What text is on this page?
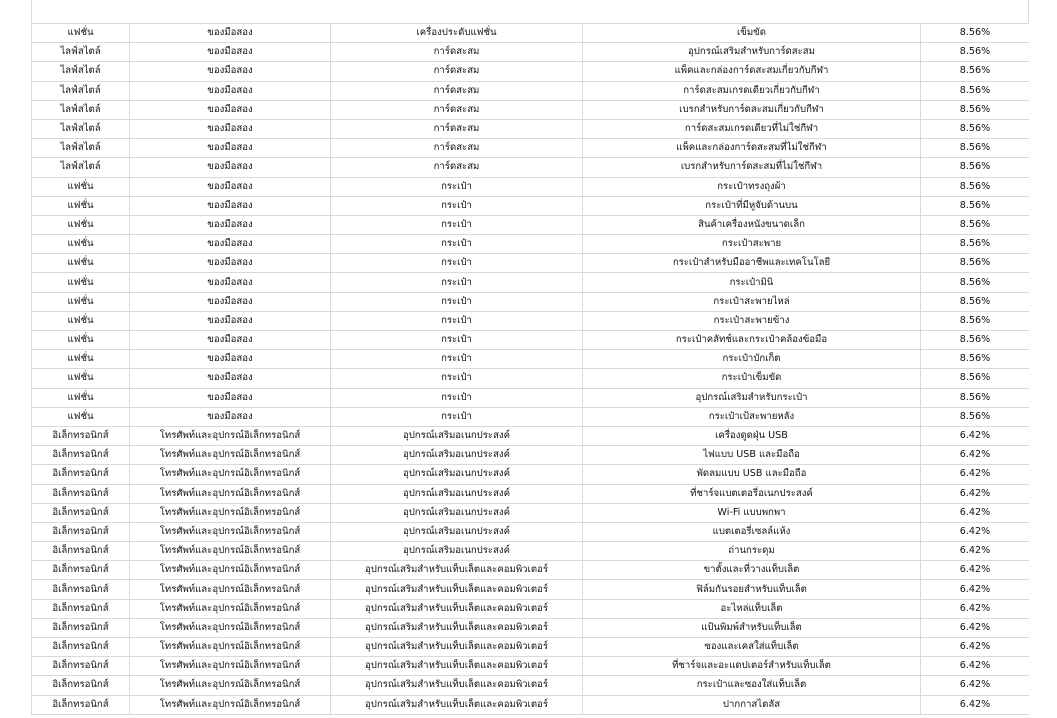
แฟชั่น	ของมือสอง	เครื่องประดับแฟชั่น	เข็มขัด	8.56%
ไลฟ์สไตล์	ของมือสอง	การ์ดสะสม	อุปกรณ์เสริมสำหรับการ์ดสะสม	8.56%
ไลฟ์สไตล์	ของมือสอง	การ์ดสะสม	แพ็คและกล่องการ์ดสะสมเกี่ยวกับกีฬา	8.56%
ไลฟ์สไตล์	ของมือสอง	การ์ดสะสม	การ์ดสะสมเกรดเดียวเกี่ยวกับกีฬา	8.56%
ไลฟ์สไตล์	ของมือสอง	การ์ดสะสม	เบรกสำหรับการ์ดสะสมเกี่ยวกับกีฬา	8.56%
ไลฟ์สไตล์	ของมือสอง	การ์ดสะสม	การ์ดสะสมเกรดเดียวที่ไม่ใช่กีฬา	8.56%
ไลฟ์สไตล์	ของมือสอง	การ์ดสะสม	แพ็คและกล่องการ์ดสะสมที่ไม่ใช่กีฬา	8.56%
ไลฟ์สไตล์	ของมือสอง	การ์ดสะสม	เบรกสำหรับการ์ดสะสมที่ไม่ใช่กีฬา	8.56%
แฟชั่น	ของมือสอง	กระเป๋า	กระเป๋าทรงถุงผ้า	8.56%
แฟชั่น	ของมือสอง	กระเป๋า	กระเป๋าที่มีหูจับด้านบน	8.56%
แฟชั่น	ของมือสอง	กระเป๋า	สินค้าเครื่องหนังขนาดเล็ก	8.56%
แฟชั่น	ของมือสอง	กระเป๋า	กระเป๋าสะพาย	8.56%
แฟชั่น	ของมือสอง	กระเป๋า	กระเป๋าสำหรับมืออาชีพและเทคโนโลยี	8.56%
แฟชั่น	ของมือสอง	กระเป๋า	กระเป๋ามินิ	8.56%
แฟชั่น	ของมือสอง	กระเป๋า	กระเป๋าสะพายไหล่	8.56%
แฟชั่น	ของมือสอง	กระเป๋า	กระเป๋าสะพายข้าง	8.56%
แฟชั่น	ของมือสอง	กระเป๋า	กระเป๋าคลัทช์และกระเป๋าคล้องข้อมือ	8.56%
แฟชั่น	ของมือสอง	กระเป๋า	กระเป๋าบักเก็ต	8.56%
แฟชั่น	ของมือสอง	กระเป๋า	กระเป๋าเข็มขัด	8.56%
แฟชั่น	ของมือสอง	กระเป๋า	อุปกรณ์เสริมสำหรับกระเป๋า	8.56%
แฟชั่น	ของมือสอง	กระเป๋า	กระเป๋าเป้สะพายหลัง	8.56%
อิเล็กทรอนิกส์	โทรศัพท์และอุปกรณ์อิเล็กทรอนิกส์	อุปกรณ์เสริมอเนกประสงค์	เครื่องดูดฝุ่น USB	6.42%
อิเล็กทรอนิกส์	โทรศัพท์และอุปกรณ์อิเล็กทรอนิกส์	อุปกรณ์เสริมอเนกประสงค์	ไฟแบบ USB และมือถือ	6.42%
อิเล็กทรอนิกส์	โทรศัพท์และอุปกรณ์อิเล็กทรอนิกส์	อุปกรณ์เสริมอเนกประสงค์	พัดลมแบบ USB และมือถือ	6.42%
อิเล็กทรอนิกส์	โทรศัพท์และอุปกรณ์อิเล็กทรอนิกส์	อุปกรณ์เสริมอเนกประสงค์	ที่ชาร์จแบตเตอรี่อเนกประสงค์	6.42%
อิเล็กทรอนิกส์	โทรศัพท์และอุปกรณ์อิเล็กทรอนิกส์	อุปกรณ์เสริมอเนกประสงค์	Wi-Fi แบบพกพา	6.42%
อิเล็กทรอนิกส์	โทรศัพท์และอุปกรณ์อิเล็กทรอนิกส์	อุปกรณ์เสริมอเนกประสงค์	แบตเตอรี่เซลล์แห้ง	6.42%
อิเล็กทรอนิกส์	โทรศัพท์และอุปกรณ์อิเล็กทรอนิกส์	อุปกรณ์เสริมอเนกประสงค์	ถ่านกระดุม	6.42%
อิเล็กทรอนิกส์	โทรศัพท์และอุปกรณ์อิเล็กทรอนิกส์	อุปกรณ์เสริมสำหรับแท็บเล็ตและคอมพิวเตอร์	ขาตั้งและที่วางแท็บเล็ต	6.42%
อิเล็กทรอนิกส์	โทรศัพท์และอุปกรณ์อิเล็กทรอนิกส์	อุปกรณ์เสริมสำหรับแท็บเล็ตและคอมพิวเตอร์	ฟิล์มกันรอยสำหรับแท็บเล็ต	6.42%
อิเล็กทรอนิกส์	โทรศัพท์และอุปกรณ์อิเล็กทรอนิกส์	อุปกรณ์เสริมสำหรับแท็บเล็ตและคอมพิวเตอร์	อะไหล่แท็บเล็ต	6.42%
อิเล็กทรอนิกส์	โทรศัพท์และอุปกรณ์อิเล็กทรอนิกส์	อุปกรณ์เสริมสำหรับแท็บเล็ตและคอมพิวเตอร์	แป้นพิมพ์สำหรับแท็บเล็ต	6.42%
อิเล็กทรอนิกส์	โทรศัพท์และอุปกรณ์อิเล็กทรอนิกส์	อุปกรณ์เสริมสำหรับแท็บเล็ตและคอมพิวเตอร์	ซองและเคสใส่แท็บเล็ต	6.42%
อิเล็กทรอนิกส์	โทรศัพท์และอุปกรณ์อิเล็กทรอนิกส์	อุปกรณ์เสริมสำหรับแท็บเล็ตและคอมพิวเตอร์	ที่ชาร์จและอะแดปเตอร์สำหรับแท็บเล็ต	6.42%
อิเล็กทรอนิกส์	โทรศัพท์และอุปกรณ์อิเล็กทรอนิกส์	อุปกรณ์เสริมสำหรับแท็บเล็ตและคอมพิวเตอร์	กระเป๋าและซองใส่แท็บเล็ต	6.42%
อิเล็กทรอนิกส์	โทรศัพท์และอุปกรณ์อิเล็กทรอนิกส์	อุปกรณ์เสริมสำหรับแท็บเล็ตและคอมพิวเตอร์	ปากกาสไตลัส	6.42%
